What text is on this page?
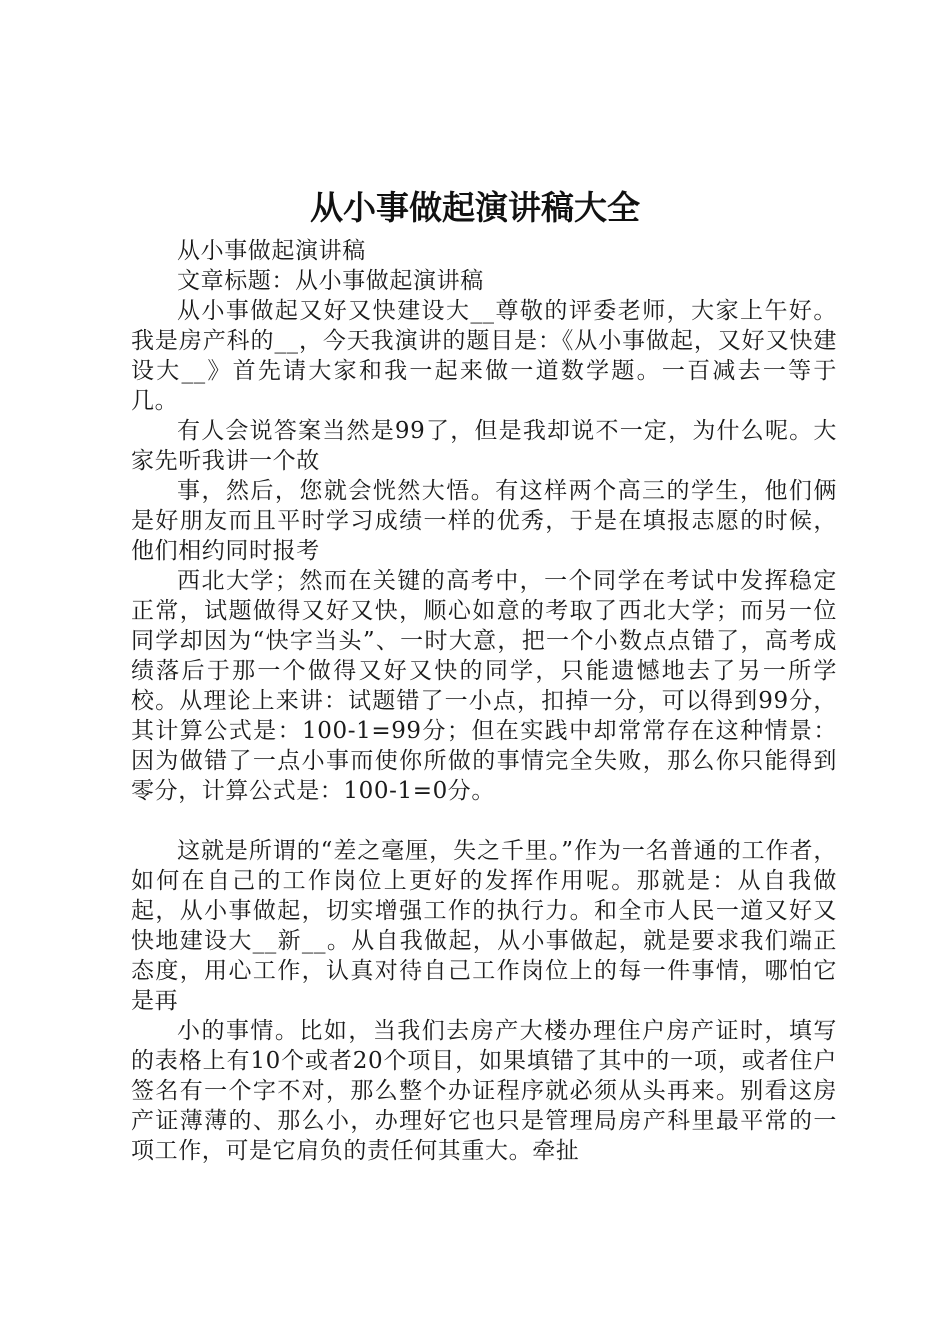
从小事做起演讲稿大全

从小事做起演讲稿

文章标题：从小事做起演讲稿

从小事做起又好又快建设大__尊敬的评委老师，大家上午好。我是房产科的__，今天我演讲的题目是：《从小事做起，又好又快建设大__》首先请大家和我一起来做一道数学题。一百减去一等于几。

有人会说答案当然是99了，但是我却说不一定，为什么呢。大家先听我讲一个故

事，然后，您就会恍然大悟。有这样两个高三的学生，他们俩是好朋友而且平时学习成绩一样的优秀，于是在填报志愿的时候，他们相约同时报考

西北大学；然而在关键的高考中，一个同学在考试中发挥稳定正常，试题做得又好又快，顺心如意的考取了西北大学；而另一位同学却因为“快字当头”、一时大意，把一个小数点点错了，高考成绩落后于那一个做得又好又快的同学，只能遗憾地去了另一所学校。从理论上来讲：试题错了一小点，扣掉一分，可以得到99分，其计算公式是：100-1=99分；但在实践中却常常存在这种情景：因为做错了一点小事而使你所做的事情完全失败，那么你只能得到零分，计算公式是：100-1=0分。

这就是所谓的“差之毫厘，失之千里。”作为一名普通的工作者，如何在自己的工作岗位上更好的发挥作用呢。那就是：从自我做起，从小事做起，切实增强工作的执行力。和全市人民一道又好又快地建设大__新__。从自我做起，从小事做起，就是要求我们端正态度，用心工作，认真对待自己工作岗位上的每一件事情，哪怕它是再

小的事情。比如，当我们去房产大楼办理住户房产证时，填写的表格上有10个或者20个项目，如果填错了其中的一项，或者住户签名有一个字不对，那么整个办证程序就必须从头再来。别看这房产证薄薄的、那么小，办理好它也只是管理局房产科里最平常的一项工作，可是它肩负的责任何其重大。牵扯
